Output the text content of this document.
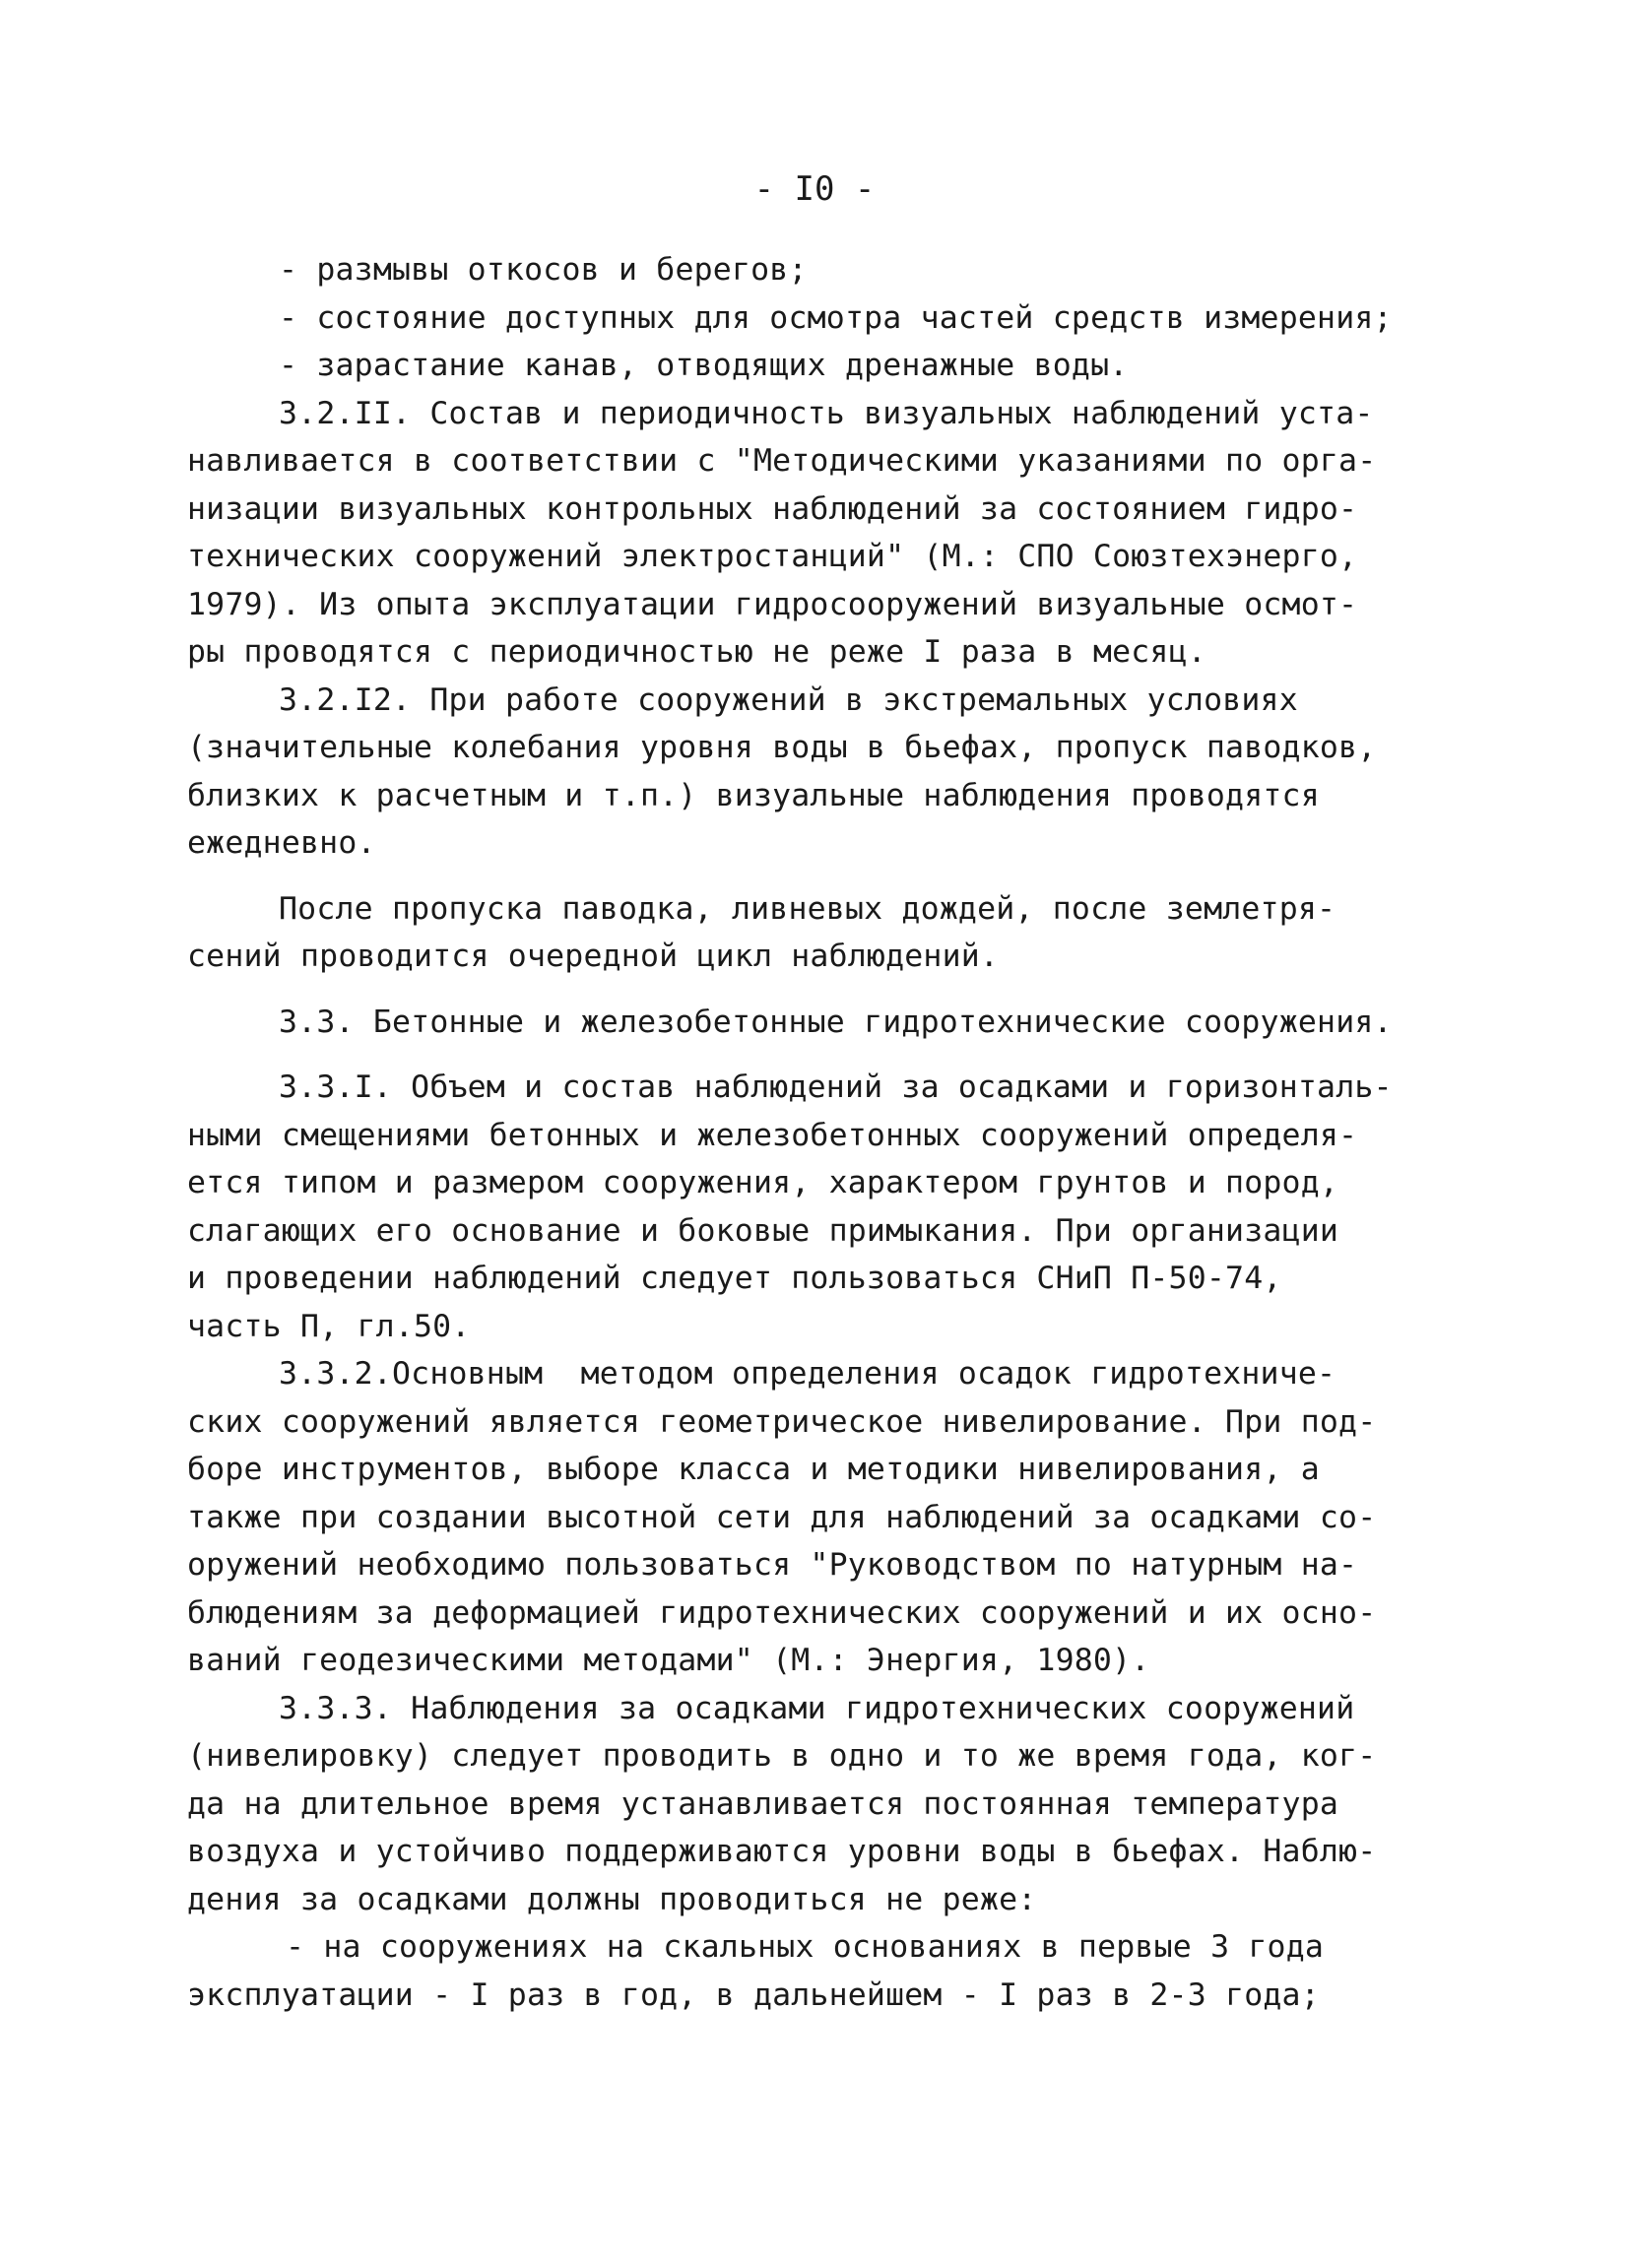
- I0 -
- размывы откосов и берегов;
- состояние доступных для осмотра частей средств измерения;
- зарастание канав, отводящих дренажные воды.
3.2.II. Состав и периодичность визуальных наблюдений уста-
навливается в соответствии с "Методическими указаниями по орга-
низации визуальных контрольных наблюдений за состоянием гидро-
технических сооружений электростанций" (М.: СПО Союзтехэнерго,
1979). Из опыта эксплуатации гидросооружений визуальные осмот-
ры проводятся с периодичностью не реже I раза в месяц.
3.2.I2. При работе сооружений в экстремальных условиях
(значительные колебания уровня воды в бьефах, пропуск паводков,
близких к расчетным и т.п.) визуальные наблюдения проводятся
ежедневно.
После пропуска паводка, ливневых дождей, после землетря-
сений проводится очередной цикл наблюдений.
3.3. Бетонные и железобетонные гидротехнические сооружения.
3.3.I. Объем и состав наблюдений за осадками и горизонталь-
ными смещениями бетонных и железобетонных сооружений определя-
ется типом и размером сооружения, характером грунтов и пород,
слагающих его основание и боковые примыкания. При организации
и проведении наблюдений следует пользоваться СНиП П-50-74,
часть П, гл.50.
3.3.2.Основным  методом определения осадок гидротехниче-
ских сооружений является геометрическое нивелирование. При под-
боре инструментов, выборе класса и методики нивелирования, а
также при создании высотной сети для наблюдений за осадками со-
оружений необходимо пользоваться "Руководством по натурным на-
блюдениям за деформацией гидротехнических сооружений и их осно-
ваний геодезическими методами" (М.: Энергия, 1980).
3.3.3. Наблюдения за осадками гидротехнических сооружений
(нивелировку) следует проводить в одно и то же время года, ког-
да на длительное время устанавливается постоянная температура
воздуха и устойчиво поддерживаются уровни воды в бьефах. Наблю-
дения за осадками должны проводиться не реже:
- на сооружениях на скальных основаниях в первые 3 года
эксплуатации - I раз в год, в дальнейшем - I раз в 2-3 года;
